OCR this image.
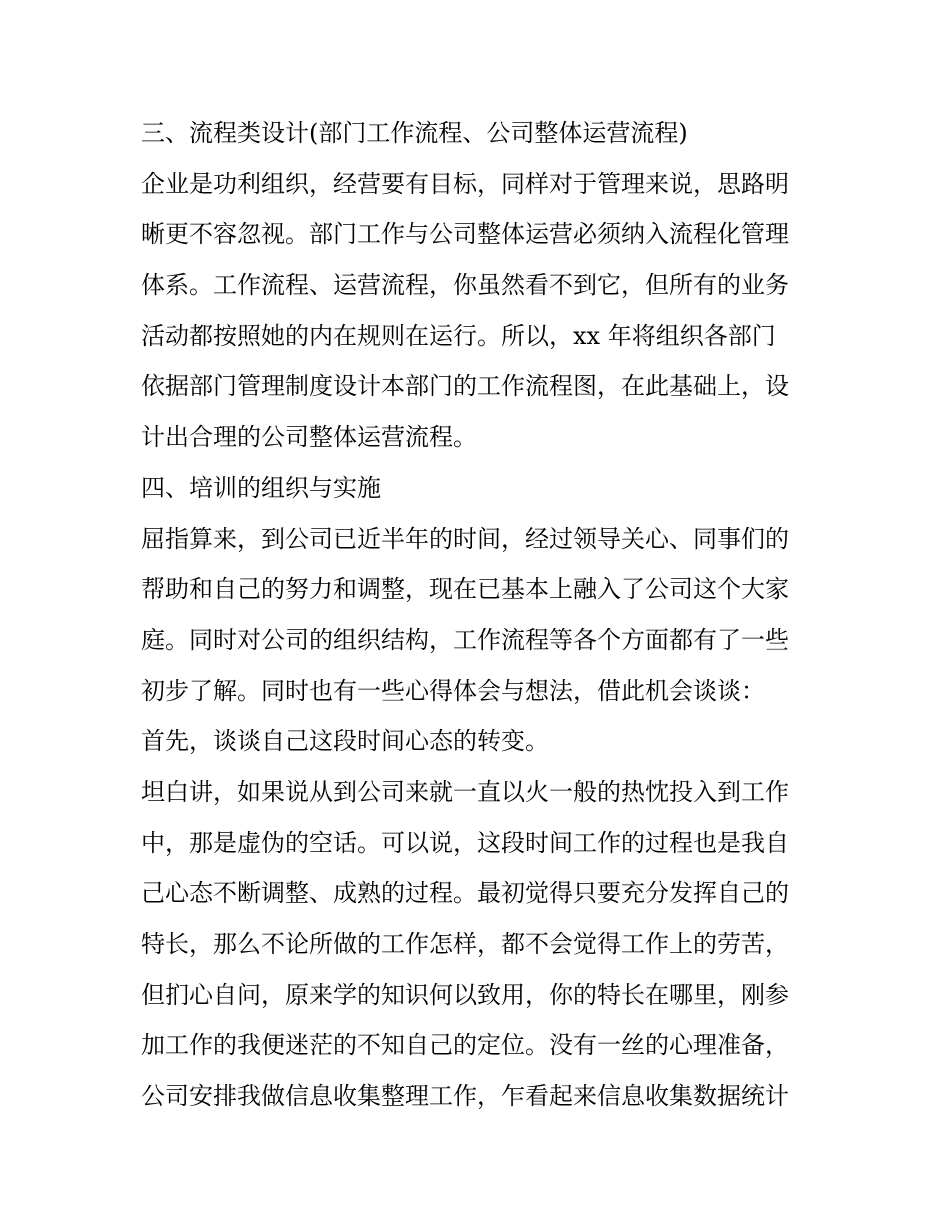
三、流程类设计(部门工作流程、公司整体运营流程)
企业是功利组织，经营要有目标，同样对于管理来说，思路明
晰更不容忽视。部门工作与公司整体运营必须纳入流程化管理
体系。工作流程、运营流程，你虽然看不到它，但所有的业务
活动都按照她的内在规则在运行。所以，xx 年将组织各部门
依据部门管理制度设计本部门的工作流程图，在此基础上，设
计出合理的公司整体运营流程。
四、培训的组织与实施
屈指算来，到公司已近半年的时间，经过领导关心、同事们的
帮助和自己的努力和调整，现在已基本上融入了公司这个大家
庭。同时对公司的组织结构，工作流程等各个方面都有了一些
初步了解。同时也有一些心得体会与想法，借此机会谈谈：
首先，谈谈自己这段时间心态的转变。
坦白讲，如果说从到公司来就一直以火一般的热忱投入到工作
中，那是虚伪的空话。可以说，这段时间工作的过程也是我自
己心态不断调整、成熟的过程。最初觉得只要充分发挥自己的
特长，那么不论所做的工作怎样，都不会觉得工作上的劳苦，
但扪心自问，原来学的知识何以致用，你的特长在哪里，刚参
加工作的我便迷茫的不知自己的定位。没有一丝的心理准备，
公司安排我做信息收集整理工作，乍看起来信息收集数据统计
